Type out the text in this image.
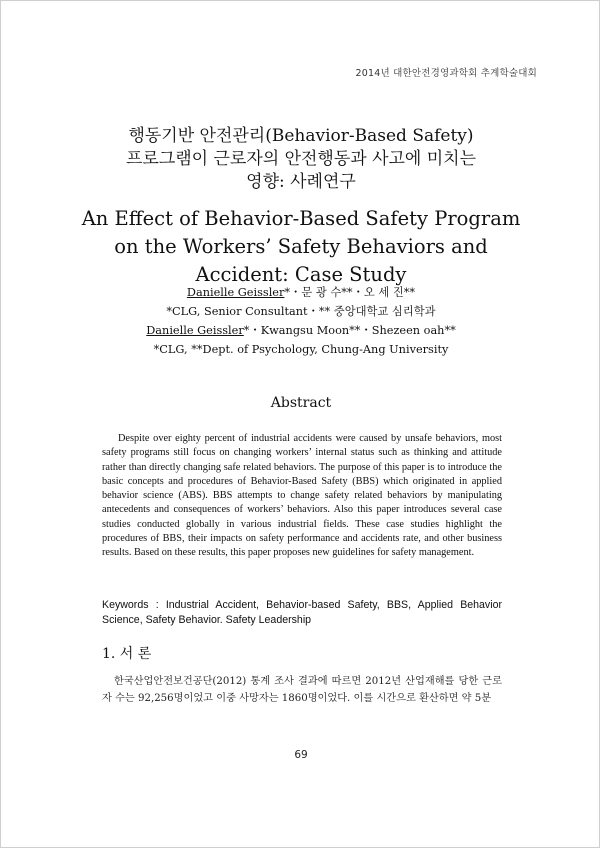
2014년 대한안전경영과학회 추계학술대회
행동기반 안전관리(Behavior-Based Safety)
프로그램이 근로자의 안전행동과 사고에 미치는
영향: 사례연구
An Effect of Behavior-Based Safety Program
on the Workers’ Safety Behaviors and
Accident: Case Study
Danielle Geissler*・문 광 수**・오 세 진**
*CLG, Senior Consultant・** 중앙대학교 심리학과
Danielle Geissler*・Kwangsu Moon**・Shezeen oah**
*CLG, **Dept. of Psychology, Chung-Ang University
Abstract
Despite over eighty percent of industrial accidents were caused by unsafe behaviors, most safety programs still focus on changing workers’ internal status such as thinking and attitude rather than directly changing safe related behaviors. The purpose of this paper is to introduce the basic concepts and procedures of Behavior-Based Safety (BBS) which originated in applied behavior science (ABS). BBS attempts to change safety related behaviors by manipulating antecedents and consequences of workers’ behaviors. Also this paper introduces several case studies conducted globally in various industrial fields. These case studies highlight the procedures of BBS, their impacts on safety performance and accidents rate, and other business results. Based on these results, this paper proposes new guidelines for safety management.
Keywords : Industrial Accident, Behavior-based Safety, BBS, Applied Behavior Science, Safety Behavior. Safety Leadership
1. 서 론
한국산업안전보건공단(2012) 통계 조사 결과에 따르면 2012년 산업재해를 당한 근로자 수는 92,256명이었고 이중 사망자는 1860명이었다. 이를 시간으로 환산하면 약 5분
69
